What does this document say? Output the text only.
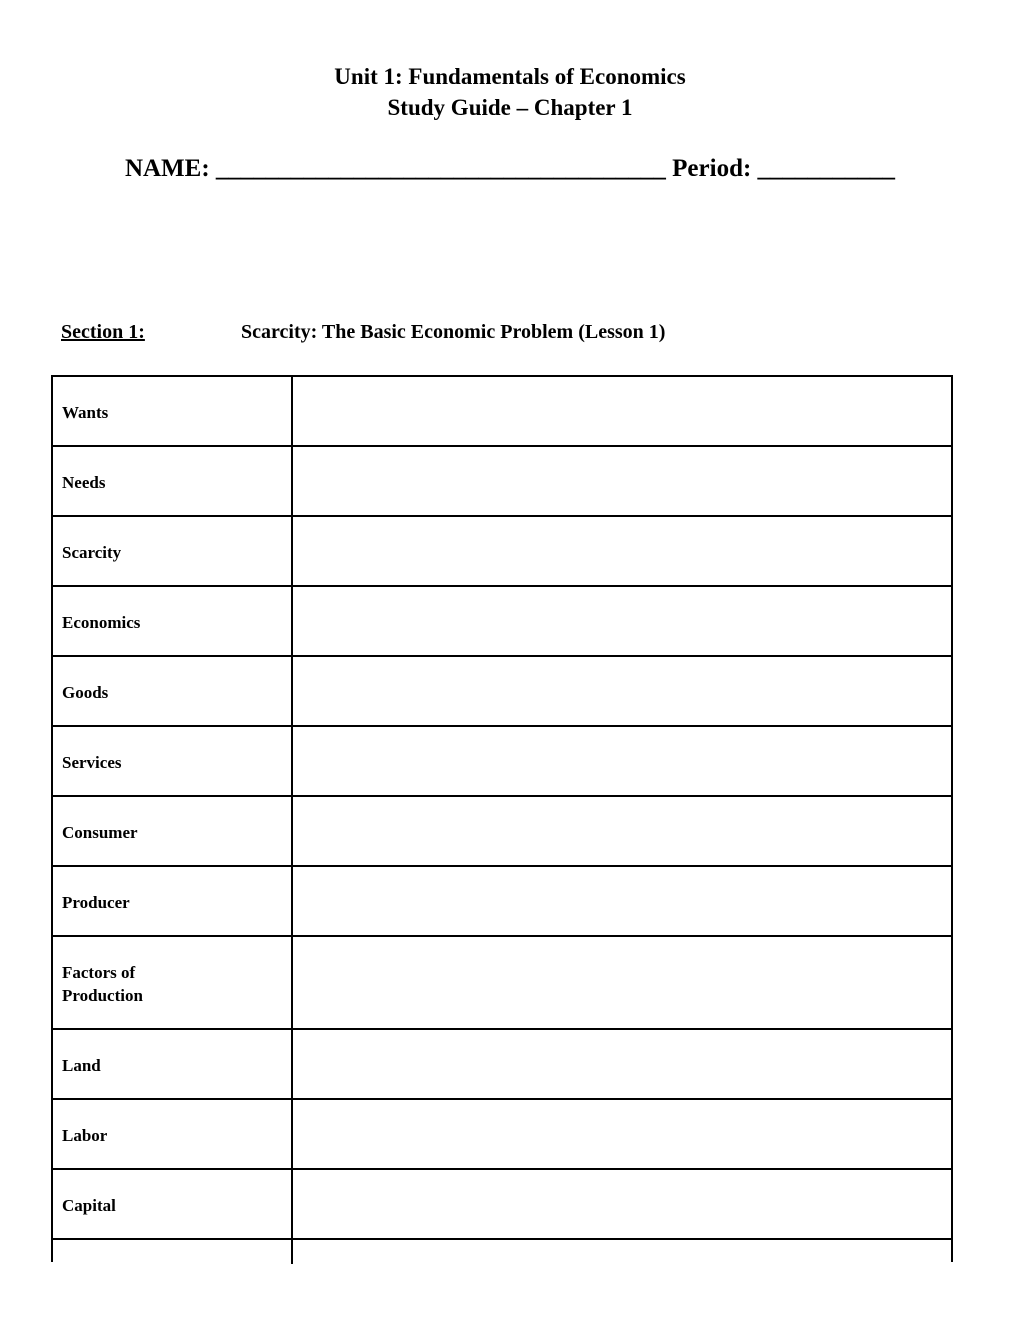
Unit 1: Fundamentals of Economics
Study Guide – Chapter 1
NAME: ____________________________________ Period: ___________
Section 1:	Scarcity: The Basic Economic Problem (Lesson 1)
Wants
Needs
Scarcity
Economics
Goods
Services
Consumer
Producer
Factors of
Production
Land
Labor
Capital
